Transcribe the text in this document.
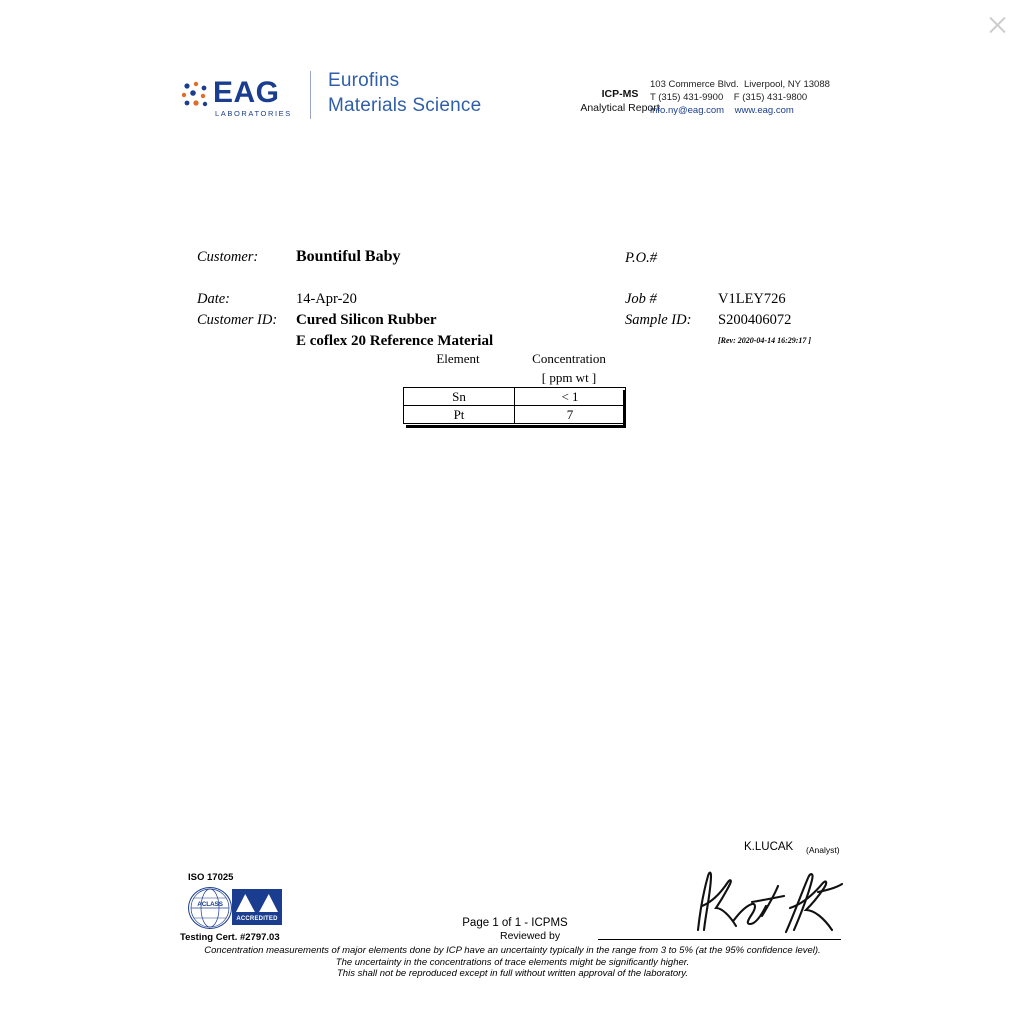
EAG
LABORATORIES
Eurofins
Materials Science
ICP-MS
Analytical Report
103 Commerce Blvd.  Liverpool, NY 13088
T (315) 431-9900    F (315) 431-9800
info.ny@eag.com    www.eag.com
Customer: Bountiful Baby	P.O.#
Date:	14-Apr-20	Job #	V1LEY726
Customer ID: Cured Silicon Rubber
E coflex 20 Reference Material
Sample ID: S200406072
[Rev: 2020-04-14 16:29:17 ]
Element	Concentration
[ ppm wt ]
Sn	< 1
Pt	7
ISO 17025
ACLASS
ACCREDITED
Testing Cert. #2797.03
Page 1 of 1 - ICPMS
Reviewed by
K.LUCAK (Analyst)
Concentration measurements of major elements done by ICP have an uncertainty typically in the range from 3 to 5% (at the 95% confidence level).
The uncertainty in the concentrations of trace elements might be significantly higher.
This shall not be reproduced except in full without written approval of the laboratory.
